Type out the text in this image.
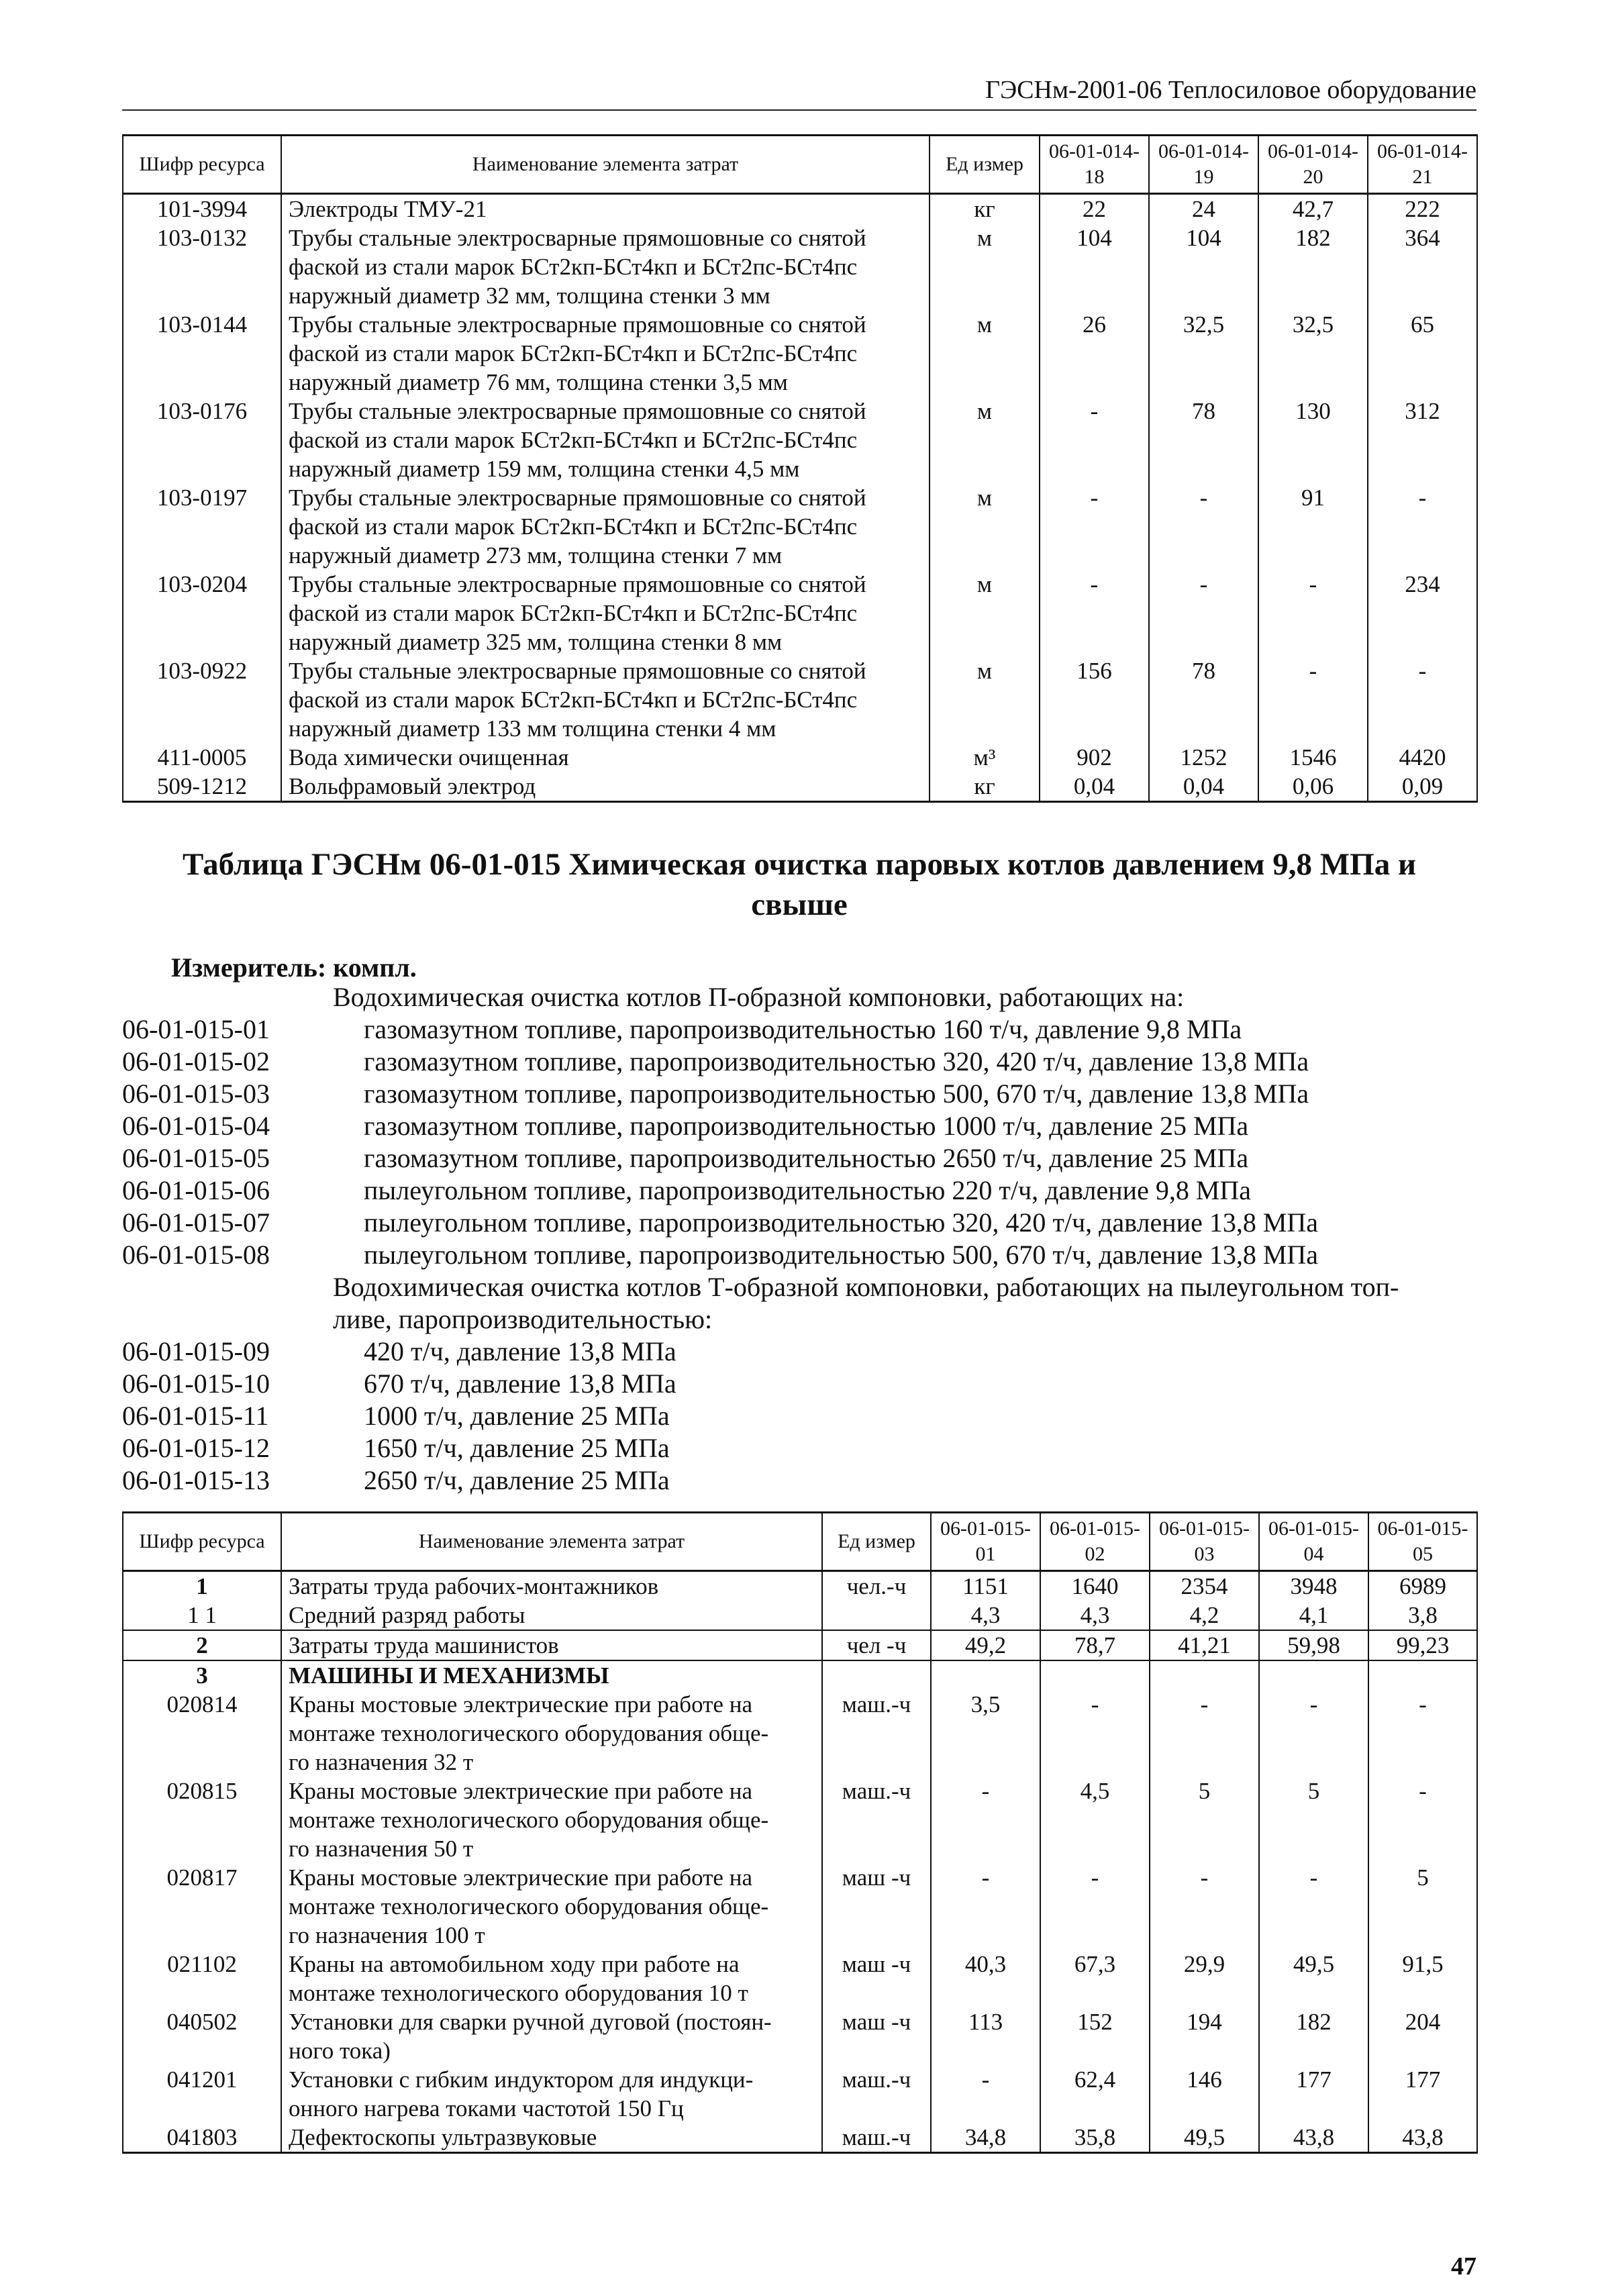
ГЭСНм-2001-06 Теплосиловое оборудование
Шифр ресурса	Наименование элемента затрат	Ед измер	06-01-014-18	06-01-014-19	06-01-014-20	06-01-014-21
101-3994	Электроды ТМУ-21	кг	22	24	42,7	222
103-0132	Трубы стальные электросварные прямошовные со снятой
фаской из стали марок БСт2кп-БСт4кп и БСт2пс-БСт4пс
наружный диаметр 32 мм, толщина стенки 3 мм	м	104	104	182	364
103-0144	Трубы стальные электросварные прямошовные со снятой
фаской из стали марок БСт2кп-БСт4кп и БСт2пс-БСт4пс
наружный диаметр 76 мм, толщина стенки 3,5 мм	м	26	32,5	32,5	65
103-0176	Трубы стальные электросварные прямошовные со снятой
фаской из стали марок БСт2кп-БСт4кп и БСт2пс-БСт4пс
наружный диаметр 159 мм, толщина стенки 4,5 мм	м	-	78	130	312
103-0197	Трубы стальные электросварные прямошовные со снятой
фаской из стали марок БСт2кп-БСт4кп и БСт2пс-БСт4пс
наружный диаметр 273 мм, толщина стенки 7 мм	м	-	-	91	-
103-0204	Трубы стальные электросварные прямошовные со снятой
фаской из стали марок БСт2кп-БСт4кп и БСт2пс-БСт4пс
наружный диаметр 325 мм, толщина стенки 8 мм	м	-	-	-	234
103-0922	Трубы стальные электросварные прямошовные со снятой
фаской из стали марок БСт2кп-БСт4кп и БСт2пс-БСт4пс
наружный диаметр 133 мм толщина стенки 4 мм	м	156	78	-	-
411-0005	Вода химически очищенная	м³	902	1252	1546	4420
509-1212	Вольфрамовый электрод	кг	0,04	0,04	0,06	0,09
Таблица ГЭСНм 06-01-015 Химическая очистка паровых котлов давлением 9,8 МПа и
свыше
Измеритель: компл.
Водохимическая очистка котлов П-образной компоновки, работающих на:
06-01-015-01	газомазутном топливе, паропроизводительностью 160 т/ч, давление 9,8 МПа
06-01-015-02	газомазутном топливе, паропроизводительностью 320, 420 т/ч, давление 13,8 МПа
06-01-015-03	газомазутном топливе, паропроизводительностью 500, 670 т/ч, давление 13,8 МПа
06-01-015-04	газомазутном топливе, паропроизводительностью 1000 т/ч, давление 25 МПа
06-01-015-05	газомазутном топливе, паропроизводительностью 2650 т/ч, давление 25 МПа
06-01-015-06	пылеугольном топливе, паропроизводительностью 220 т/ч, давление 9,8 МПа
06-01-015-07	пылеугольном топливе, паропроизводительностью 320, 420 т/ч, давление 13,8 МПа
06-01-015-08	пылеугольном топливе, паропроизводительностью 500, 670 т/ч, давление 13,8 МПа
Водохимическая очистка котлов Т-образной компоновки, работающих на пылеугольном топ-
ливе, паропроизводительностью:
06-01-015-09	420 т/ч, давление 13,8 МПа
06-01-015-10	670 т/ч, давление 13,8 МПа
06-01-015-11	1000 т/ч, давление 25 МПа
06-01-015-12	1650 т/ч, давление 25 МПа
06-01-015-13	2650 т/ч, давление 25 МПа
Шифр ресурса	Наименование элемента затрат	Ед измер	06-01-015-01	06-01-015-02	06-01-015-03	06-01-015-04	06-01-015-05
1	Затраты труда рабочих-монтажников	чел.-ч	1151	1640	2354	3948	6989
1 1	Средний разряд работы		4,3	4,3	4,2	4,1	3,8
2	Затраты труда машинистов	чел -ч	49,2	78,7	41,21	59,98	99,23
3	МАШИНЫ И МЕХАНИЗМЫ						

020814	Краны мостовые электрические при работе на
монтаже технологического оборудования обще-
го назначения 32 т	маш.-ч	3,5	-	-	-	-
020815	Краны мостовые электрические при работе на
монтаже технологического оборудования обще-
го назначения 50 т	маш.-ч	-	4,5	5	5	-
020817	Краны мостовые электрические при работе на
монтаже технологического оборудования обще-
го назначения 100 т	маш -ч	-	-	-	-	5
021102	Краны на автомобильном ходу при работе на
монтаже технологического оборудования 10 т	маш -ч	40,3	67,3	29,9	49,5	91,5
040502	Установки для сварки ручной дуговой (постоян-
ного тока)	маш -ч	113	152	194	182	204
041201	Установки с гибким индуктором для индукци-
онного нагрева токами частотой 150 Гц	маш.-ч	-	62,4	146	177	177
041803	Дефектоскопы ультразвуковые	маш.-ч	34,8	35,8	49,5	43,8	43,8
47
